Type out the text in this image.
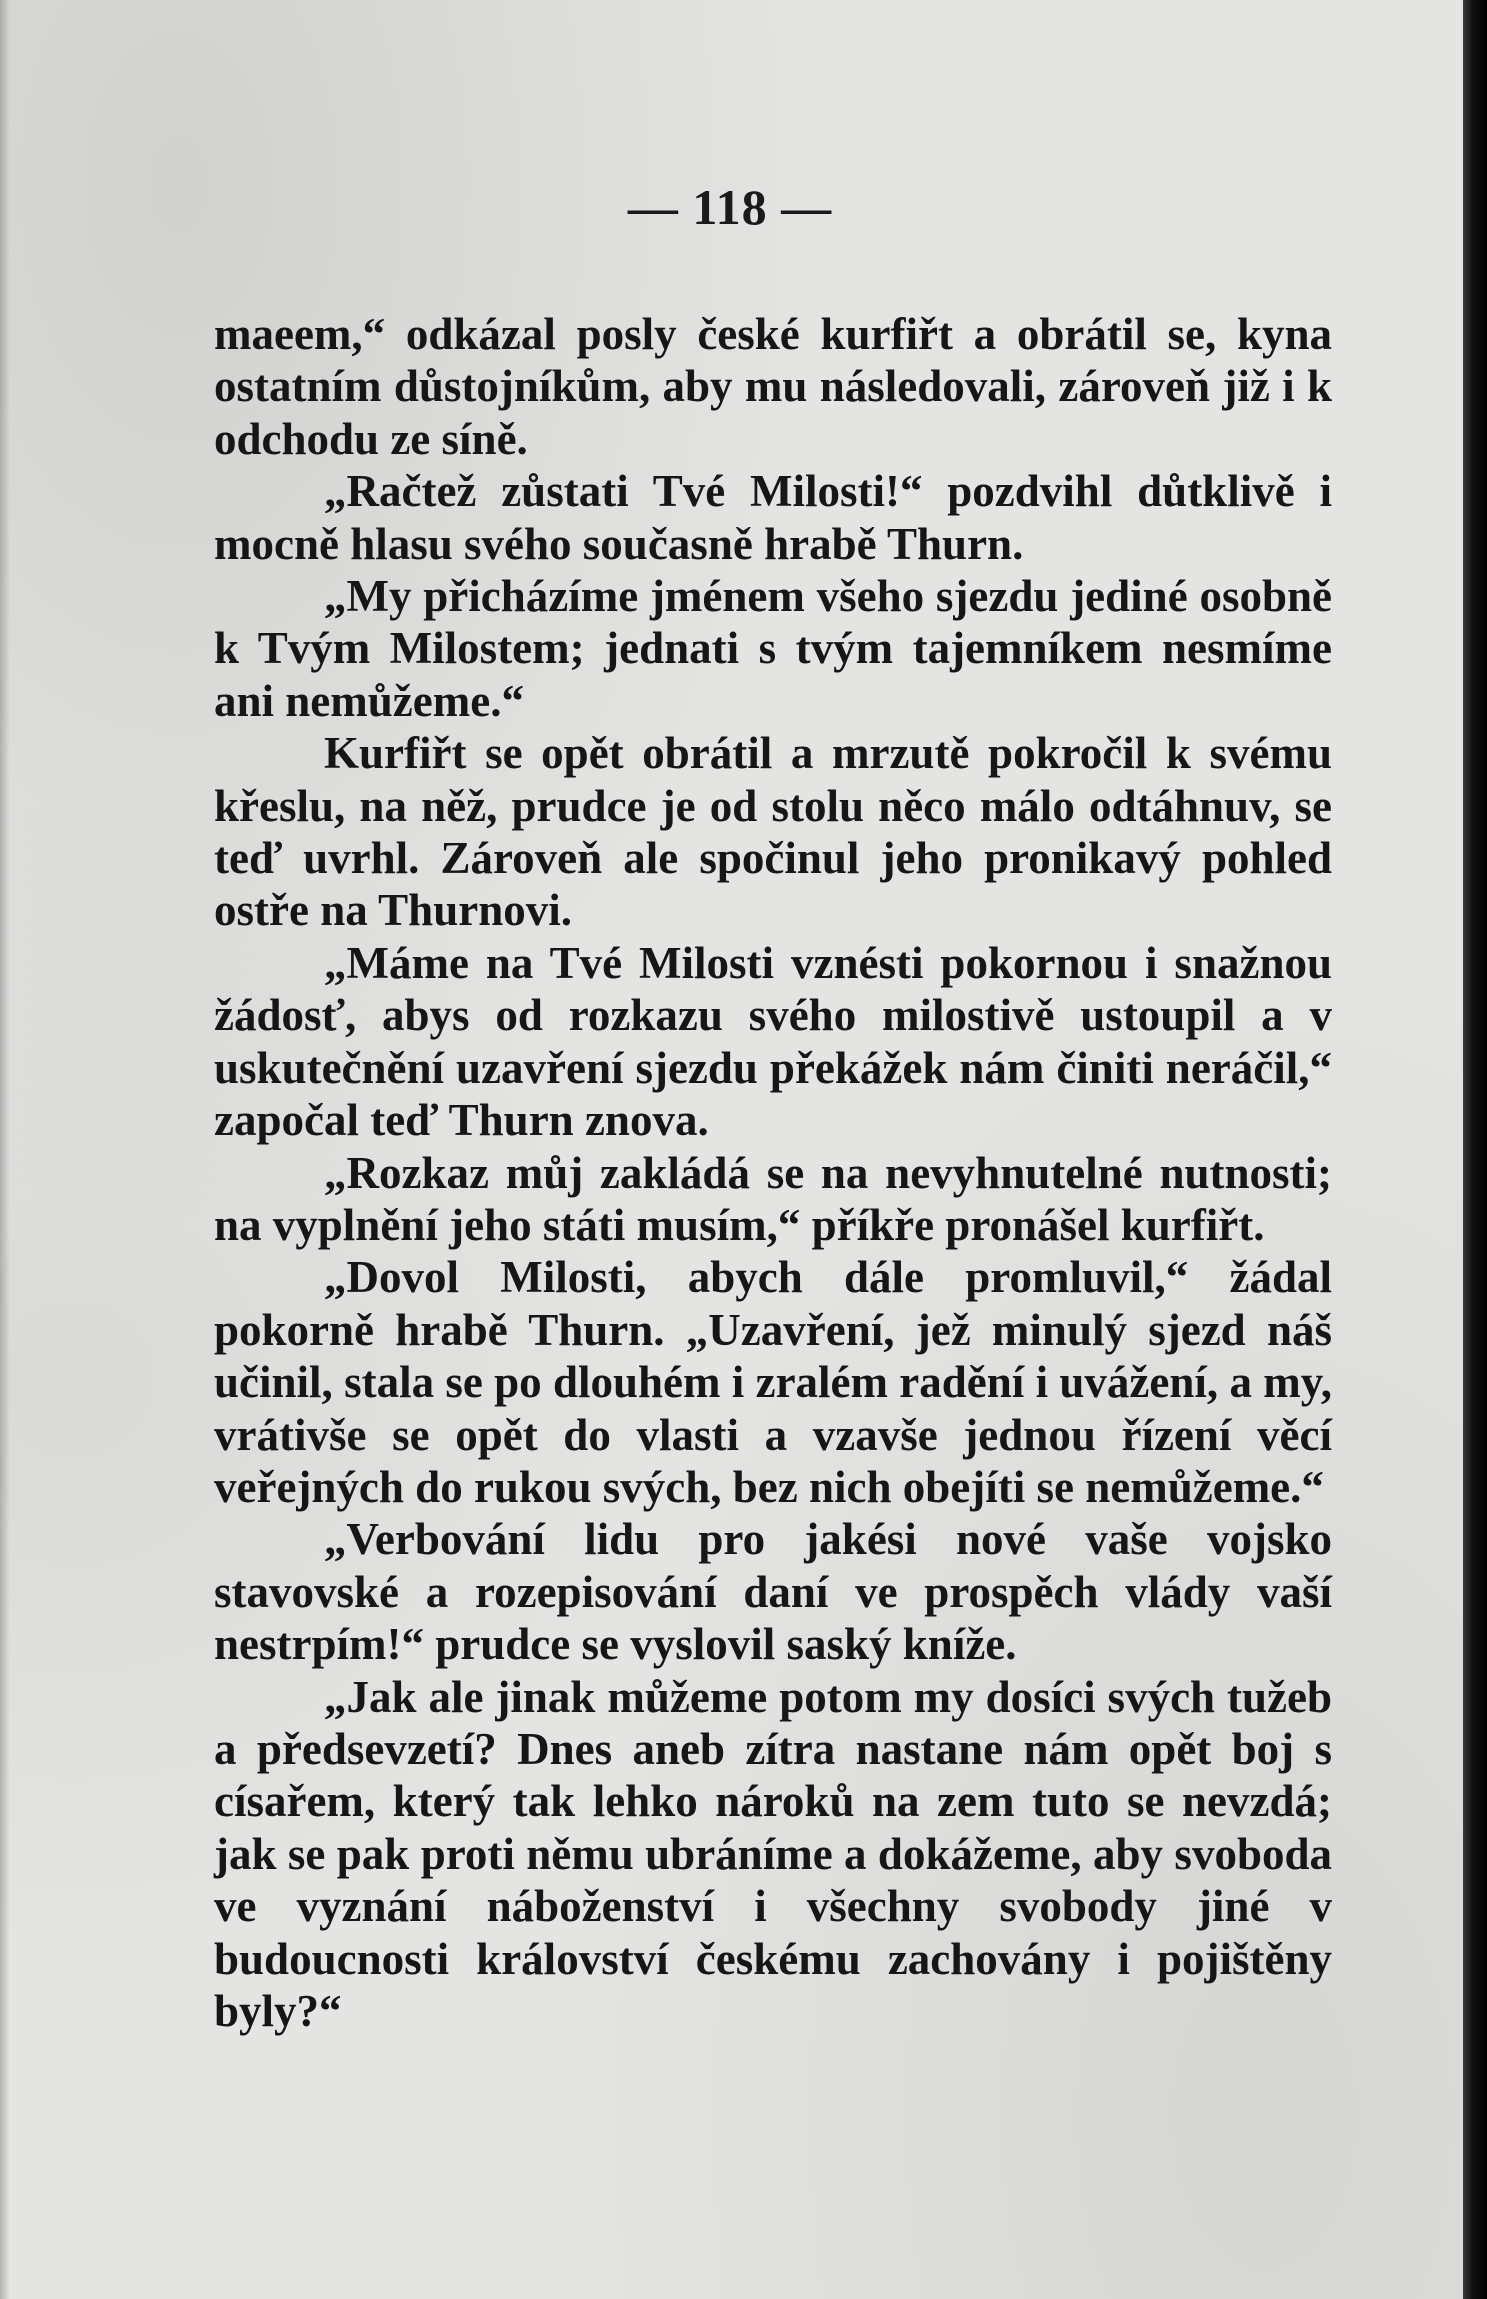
— 118 —

maeem,“ odkázal posly české kurfiřt a obrátil se, kyna ostatním důstojníkům, aby mu následovali, zároveň již i k odchodu ze síně.

„Račtež zůstati Tvé Milosti!“ pozdvihl důtklivě i mocně hlasu svého současně hrabě Thurn.

„My přicházíme jménem všeho sjezdu jediné osobně k Tvým Milostem; jednati s tvým tajemníkem nesmíme ani nemůžeme.“

Kurfiřt se opět obrátil a mrzutě pokročil k svému křeslu, na něž, prudce je od stolu něco málo odtáhnuv, se teď uvrhl. Zároveň ale spočinul jeho pronikavý pohled ostře na Thurnovi.

„Máme na Tvé Milosti vznésti pokornou i snažnou žádosť, abys od rozkazu svého milostivě ustoupil a v uskutečnění uzavření sjezdu překážek nám činiti neráčil,“ započal teď Thurn znova.

„Rozkaz můj zakládá se na nevyhnutelné nutnosti; na vyplnění jeho státi musím,“ příkře pronášel kurfiřt.

„Dovol Milosti, abych dále promluvil,“ žádal pokorně hrabě Thurn. „Uzavření, jež minulý sjezd náš učinil, stala se po dlouhém i zralém radění i uvážení, a my, vrátivše se opět do vlasti a vzavše jednou řízení věcí veřejných do rukou svých, bez nich obejíti se nemůžeme.“

„Verbování lidu pro jakési nové vaše vojsko stavovské a rozepisování daní ve prospěch vlády vaší nestrpím!“ prudce se vyslovil saský kníže.

„Jak ale jinak můžeme potom my dosíci svých tužeb a předsevzetí? Dnes aneb zítra nastane nám opět boj s císařem, který tak lehko nároků na zem tuto se nevzdá; jak se pak proti němu ubráníme a dokážeme, aby svoboda ve vyznání náboženství i všechny svobody jiné v budoucnosti království českému zachovány i pojištěny byly?“
